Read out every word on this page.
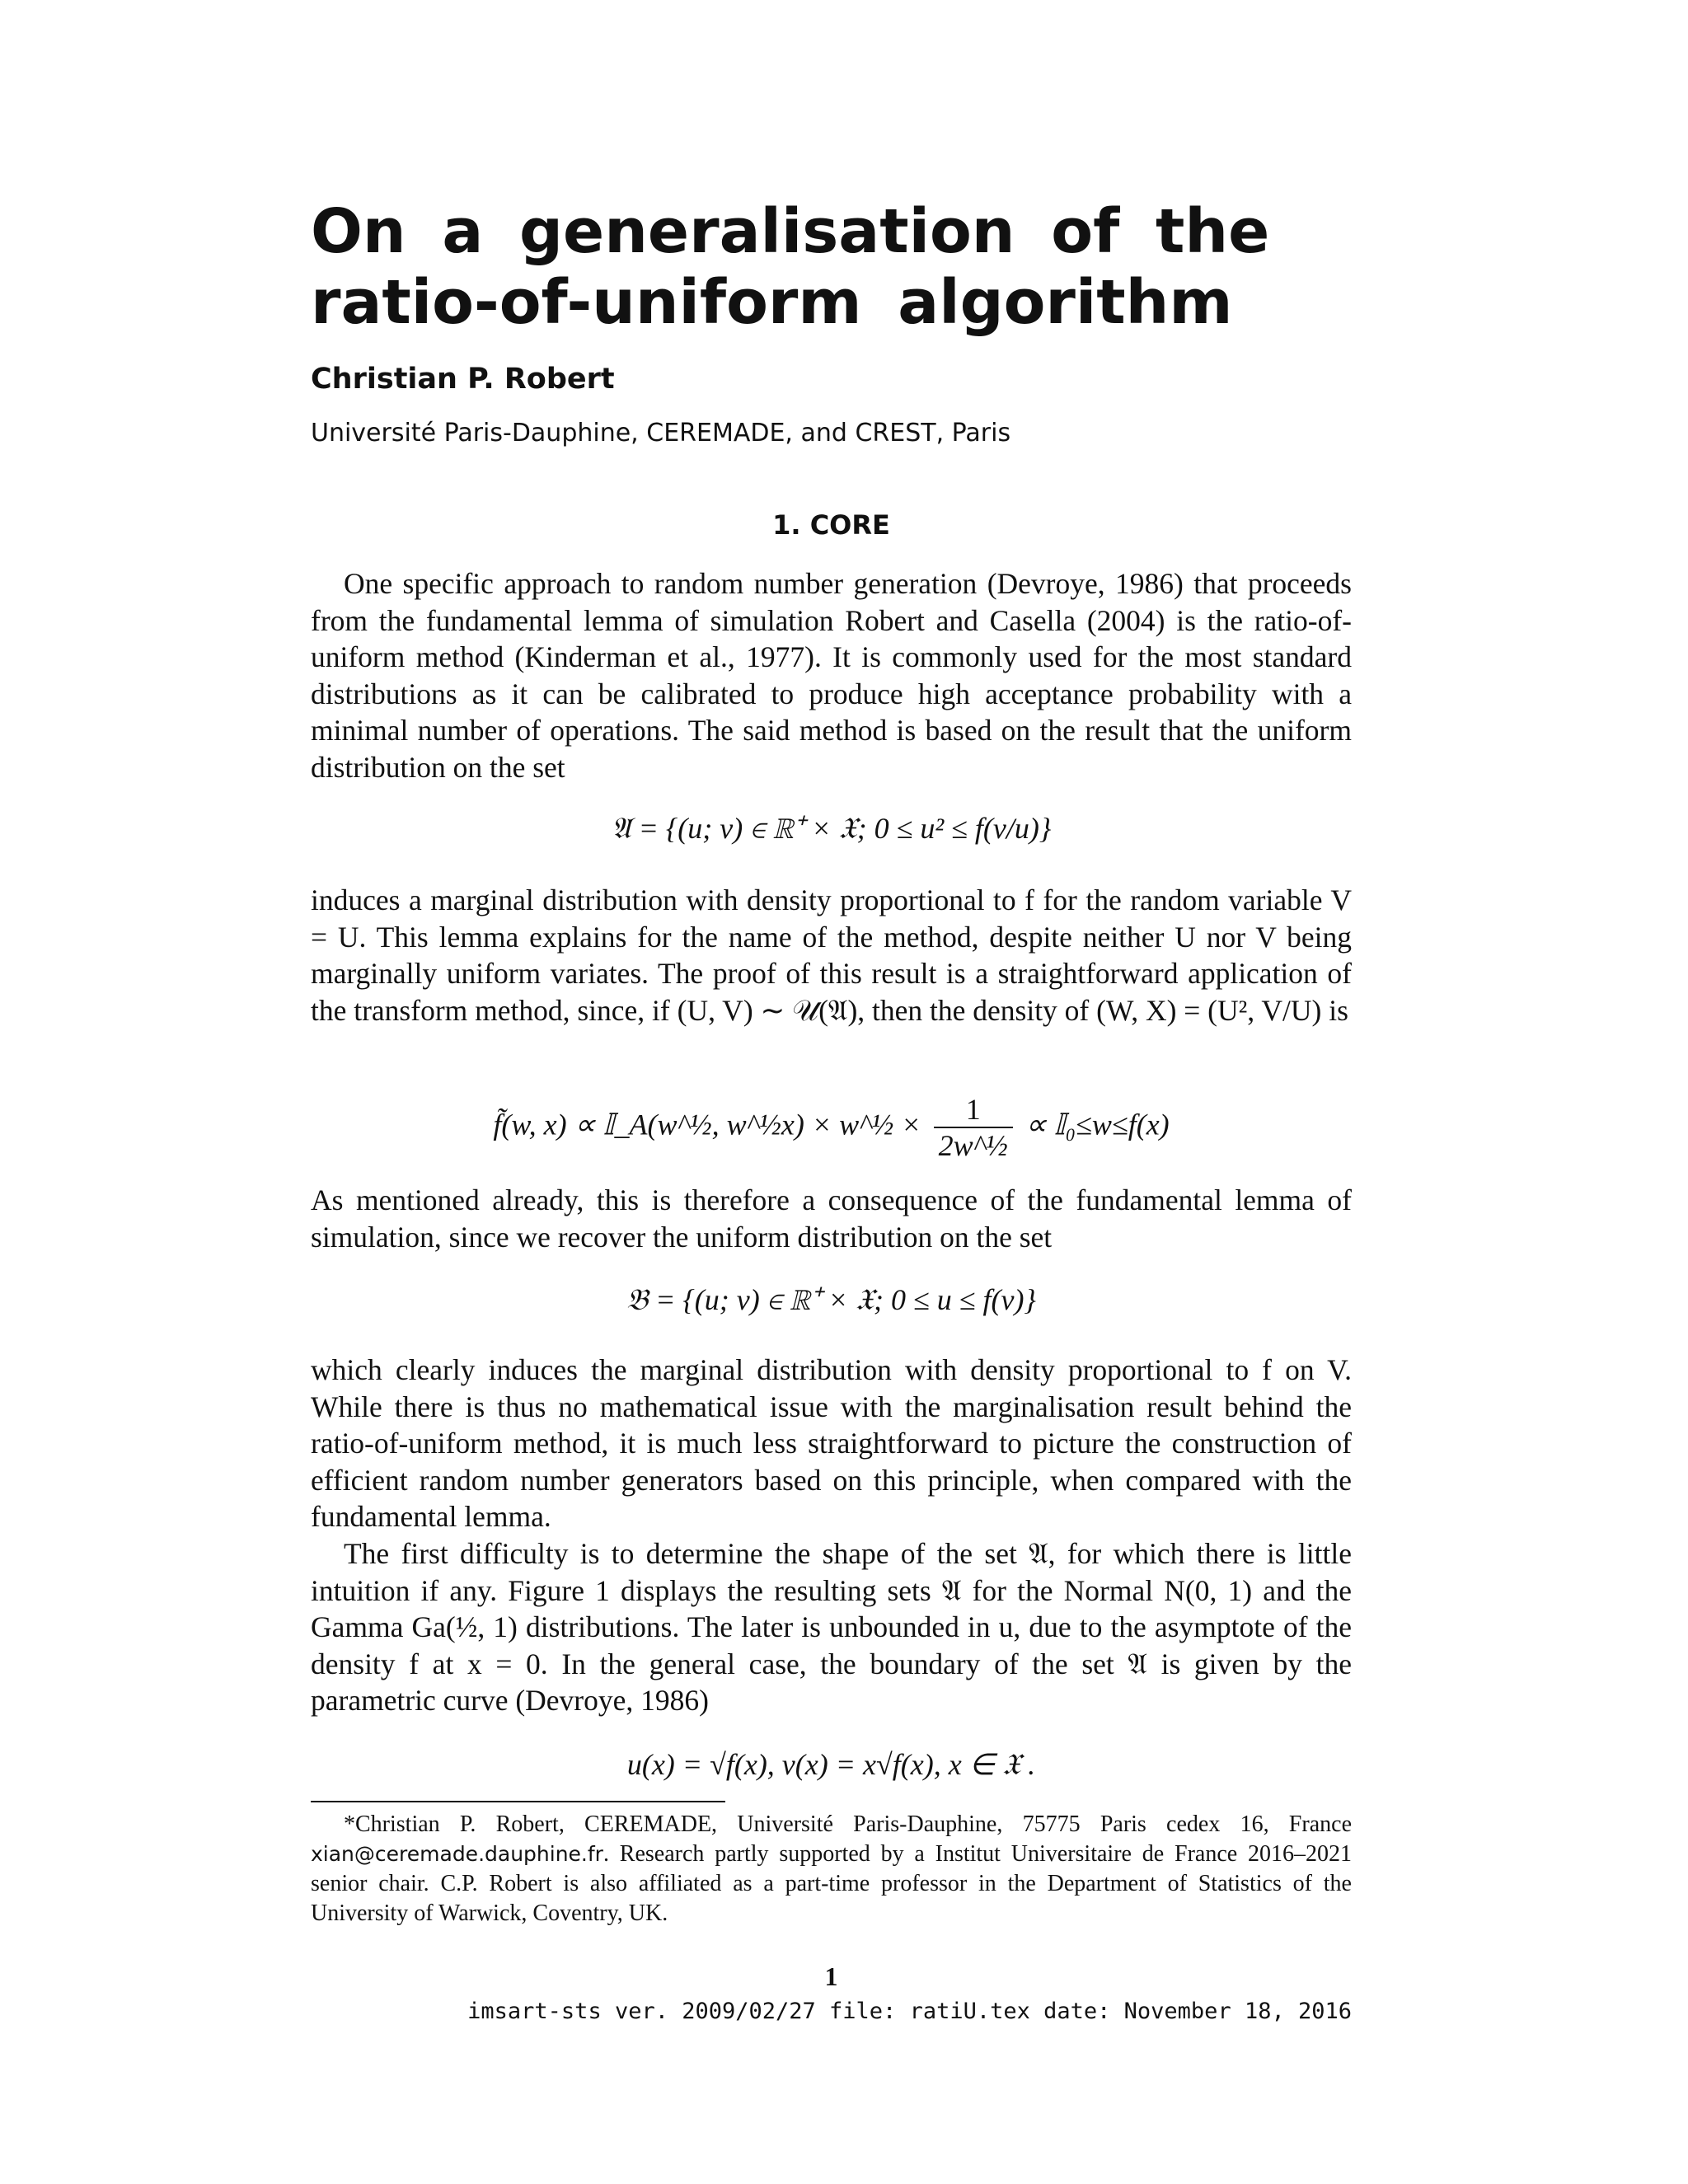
On a generalisation of the ratio-of-uniform algorithm

Christian P. Robert

Université Paris-Dauphine, CEREMADE, and CREST, Paris

1. CORE

One specific approach to random number generation (Devroye, 1986) that proceeds from the fundamental lemma of simulation Robert and Casella (2004) is the ratio-of-uniform method (Kinderman et al., 1977). It is commonly used for the most standard distributions as it can be calibrated to produce high acceptance probability with a minimal number of operations. The said method is based on the result that the uniform distribution on the set

𝔄 = {(u; v) ∈ ℝ⁺ × 𝔛; 0 ≤ u² ≤ f(v/u)}

induces a marginal distribution with density proportional to f for the random variable V = U. This lemma explains for the name of the method, despite neither U nor V being marginally uniform variates. The proof of this result is a straightforward application of the transform method, since, if (U, V) ∼ 𝒰(𝔄), then the density of (W, X) = (U², V/U) is

f̃(w, x) ∝ 𝕀_A(w^½, w^½x) × w^½ × $\frac{1}{\text{2w\textasciicircum{}½}}$ ∝ 𝕀₀≤w≤f(x)

As mentioned already, this is therefore a consequence of the fundamental lemma of simulation, since we recover the uniform distribution on the set

𝔅 = {(u; v) ∈ ℝ⁺ × 𝔛; 0 ≤ u ≤ f(v)}

which clearly induces the marginal distribution with density proportional to f on V. While there is thus no mathematical issue with the marginalisation result behind the ratio-of-uniform method, it is much less straightforward to picture the construction of efficient random number generators based on this principle, when compared with the fundamental lemma.

The first difficulty is to determine the shape of the set 𝔄, for which there is little intuition if any. Figure 1 displays the resulting sets 𝔄 for the Normal N(0, 1) and the Gamma Ga(½, 1) distributions. The later is unbounded in u, due to the asymptote of the density f at x = 0. In the general case, the boundary of the set 𝔄 is given by the parametric curve (Devroye, 1986)

u(x) = √f(x), v(x) = x√f(x), x ∈ 𝔛 .

*Christian P. Robert, CEREMADE, Université Paris-Dauphine, 75775 Paris cedex 16, France xian@ceremade.dauphine.fr. Research partly supported by a Institut Universitaire de France 2016–2021 senior chair. C.P. Robert is also affiliated as a part-time professor in the Department of Statistics of the University of Warwick, Coventry, UK.

1

imsart-sts ver. 2009/02/27 file: ratiU.tex date: November 18, 2016
